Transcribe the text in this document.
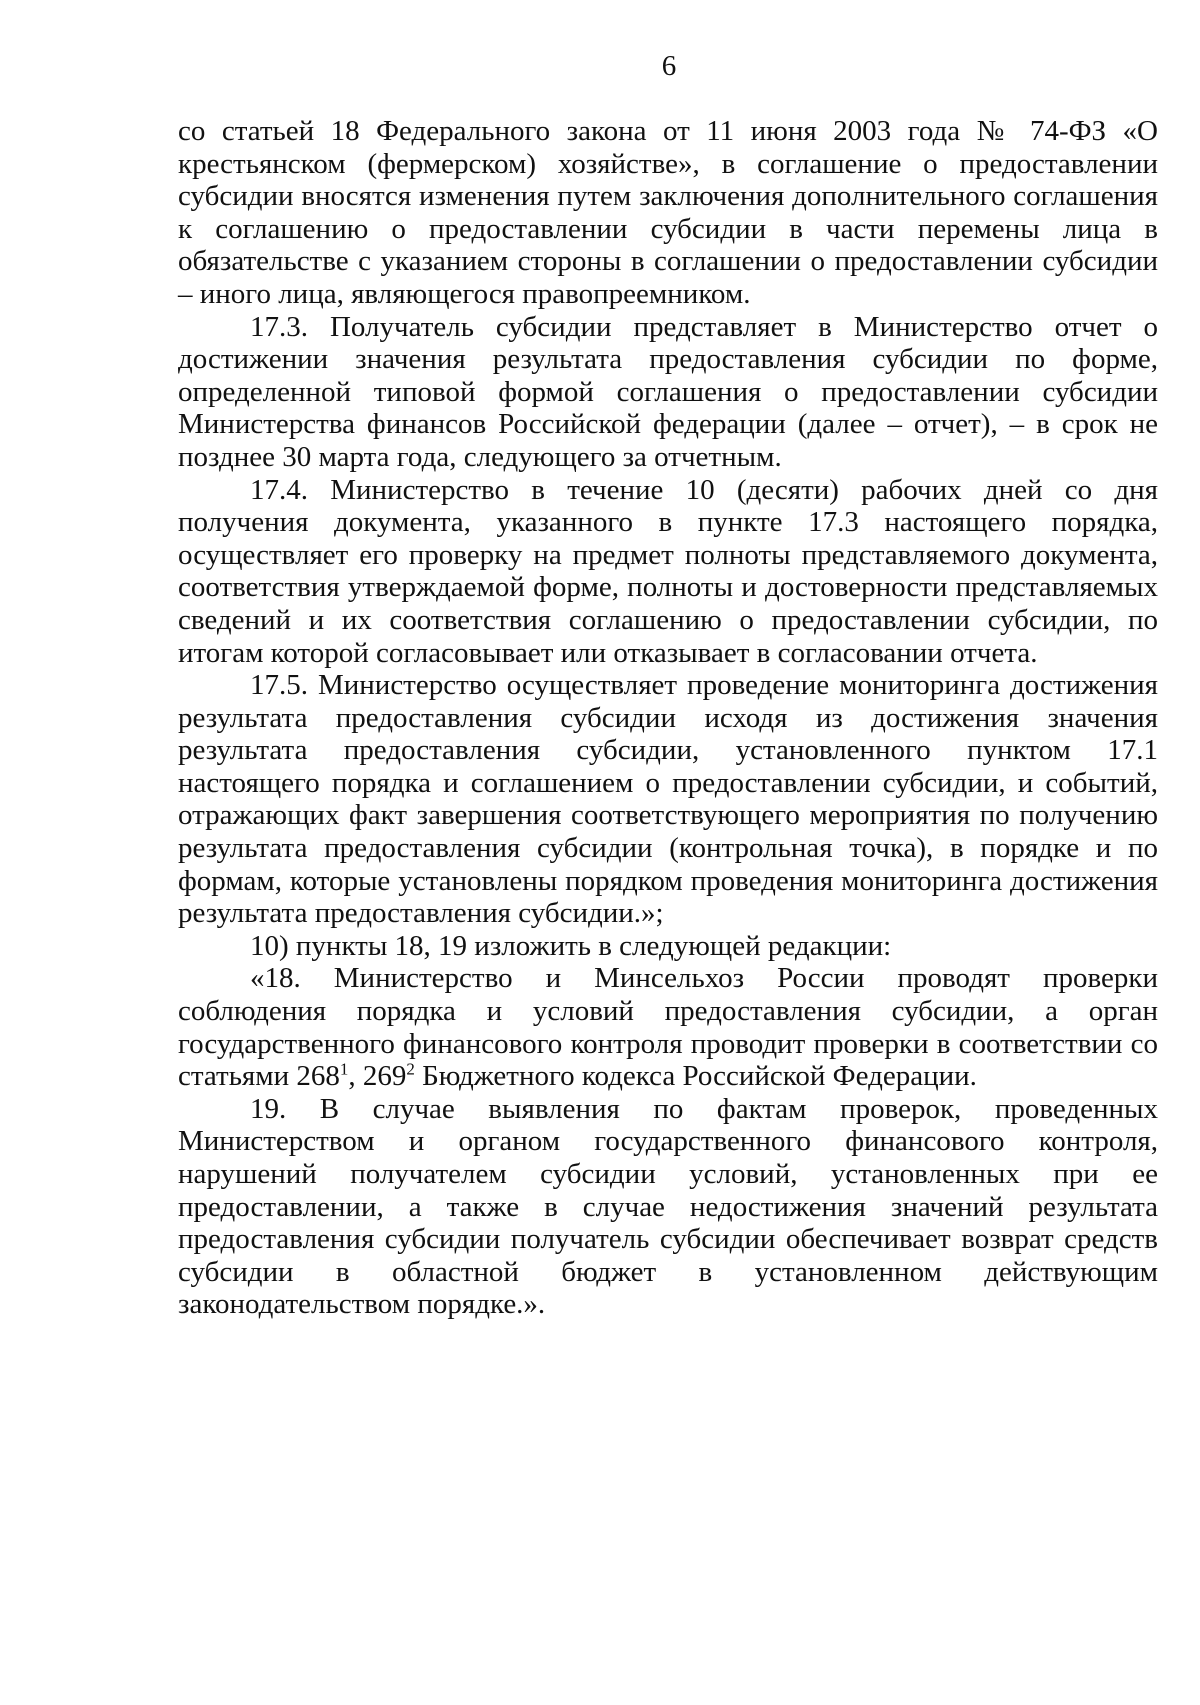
6

со статьей 18 Федерального закона от 11 июня 2003 года № 74-ФЗ «О крестьянском (фермерском) хозяйстве», в соглашение о предоставлении субсидии вносятся изменения путем заключения дополнительного соглашения к соглашению о предоставлении субсидии в части перемены лица в обязательстве с указанием стороны в соглашении о предоставлении субсидии – иного лица, являющегося правопреемником.

17.3. Получатель субсидии представляет в Министерство отчет о достижении значения результата предоставления субсидии по форме, определенной типовой формой соглашения о предоставлении субсидии Министерства финансов Российской федерации (далее – отчет), – в срок не позднее 30 марта года, следующего за отчетным.

17.4. Министерство в течение 10 (десяти) рабочих дней со дня получения документа, указанного в пункте 17.3 настоящего порядка, осуществляет его проверку на предмет полноты представляемого документа, соответствия утверждаемой форме, полноты и достоверности представляемых сведений и их соответствия соглашению о предоставлении субсидии, по итогам которой согласовывает или отказывает в согласовании отчета.

17.5. Министерство осуществляет проведение мониторинга достижения результата предоставления субсидии исходя из достижения значения результата предоставления субсидии, установленного пунктом 17.1 настоящего порядка и соглашением о предоставлении субсидии, и событий, отражающих факт завершения соответствующего мероприятия по получению результата предоставления субсидии (контрольная точка), в порядке и по формам, которые установлены порядком проведения мониторинга достижения результата предоставления субсидии.»;

10) пункты 18, 19 изложить в следующей редакции:

«18. Министерство и Минсельхоз России проводят проверки соблюдения порядка и условий предоставления субсидии, а орган государственного финансового контроля проводит проверки в соответствии со статьями $268^1$, $269^2$ Бюджетного кодекса Российской Федерации.

19. В случае выявления по фактам проверок, проведенных Министерством и органом государственного финансового контроля, нарушений получателем субсидии условий, установленных при ее предоставлении, а также в случае недостижения значений результата предоставления субсидии получатель субсидии обеспечивает возврат средств субсидии в областной бюджет в установленном действующим законодательством порядке.».
